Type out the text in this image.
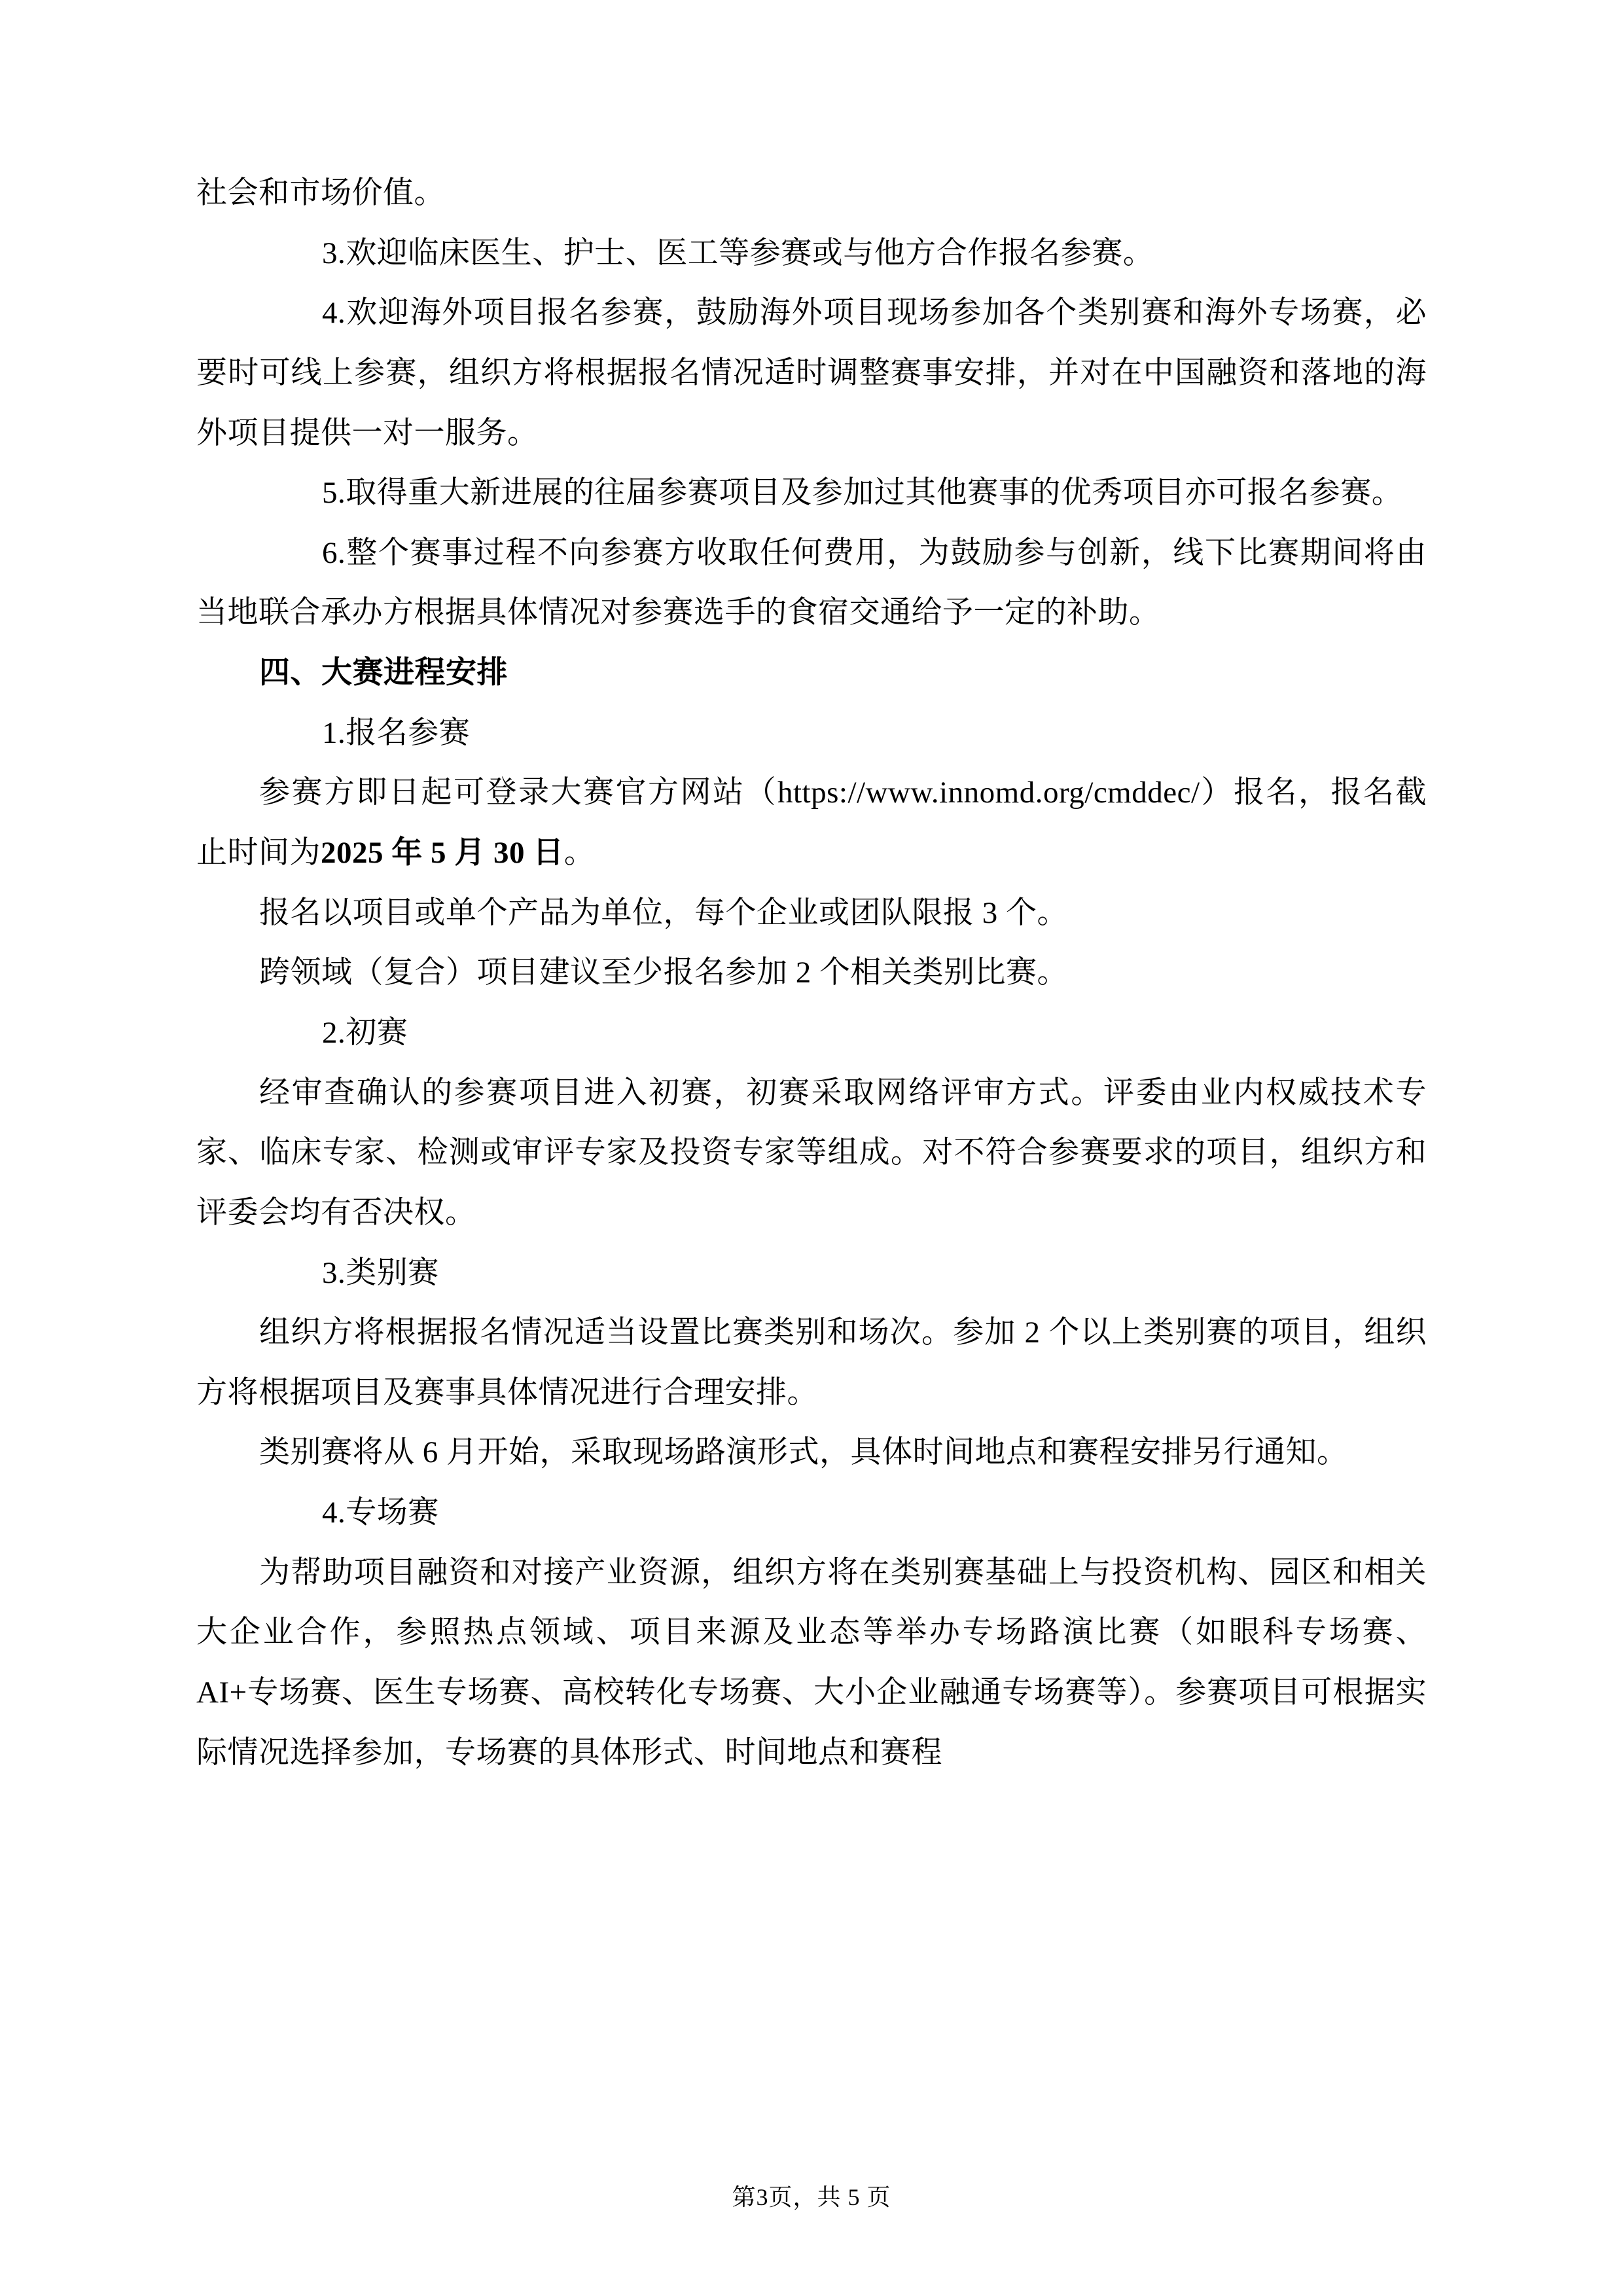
社会和市场价值。

3.欢迎临床医生、护士、医工等参赛或与他方合作报名参赛。

4.欢迎海外项目报名参赛，鼓励海外项目现场参加各个类别赛和海外专场赛，必要时可线上参赛，组织方将根据报名情况适时调整赛事安排，并对在中国融资和落地的海外项目提供一对一服务。

5.取得重大新进展的往届参赛项目及参加过其他赛事的优秀项目亦可报名参赛。

6.整个赛事过程不向参赛方收取任何费用，为鼓励参与创新，线下比赛期间将由当地联合承办方根据具体情况对参赛选手的食宿交通给予一定的补助。

四、大赛进程安排

1.报名参赛

参赛方即日起可登录大赛官方网站（https://www.innomd.org/cmddec/）报名，报名截止时间为2025 年 5 月 30 日。

报名以项目或单个产品为单位，每个企业或团队限报 3 个。

跨领域（复合）项目建议至少报名参加 2 个相关类别比赛。

2.初赛

经审查确认的参赛项目进入初赛，初赛采取网络评审方式。评委由业内权威技术专家、临床专家、检测或审评专家及投资专家等组成。对不符合参赛要求的项目，组织方和评委会均有否决权。

3.类别赛

组织方将根据报名情况适当设置比赛类别和场次。参加 2 个以上类别赛的项目，组织方将根据项目及赛事具体情况进行合理安排。

类别赛将从 6 月开始，采取现场路演形式，具体时间地点和赛程安排另行通知。

4.专场赛

为帮助项目融资和对接产业资源，组织方将在类别赛基础上与投资机构、园区和相关大企业合作，参照热点领域、项目来源及业态等举办专场路演比赛（如眼科专场赛、AI+专场赛、医生专场赛、高校转化专场赛、大小企业融通专场赛等）。参赛项目可根据实际情况选择参加，专场赛的具体形式、时间地点和赛程

第3页，共 5 页
